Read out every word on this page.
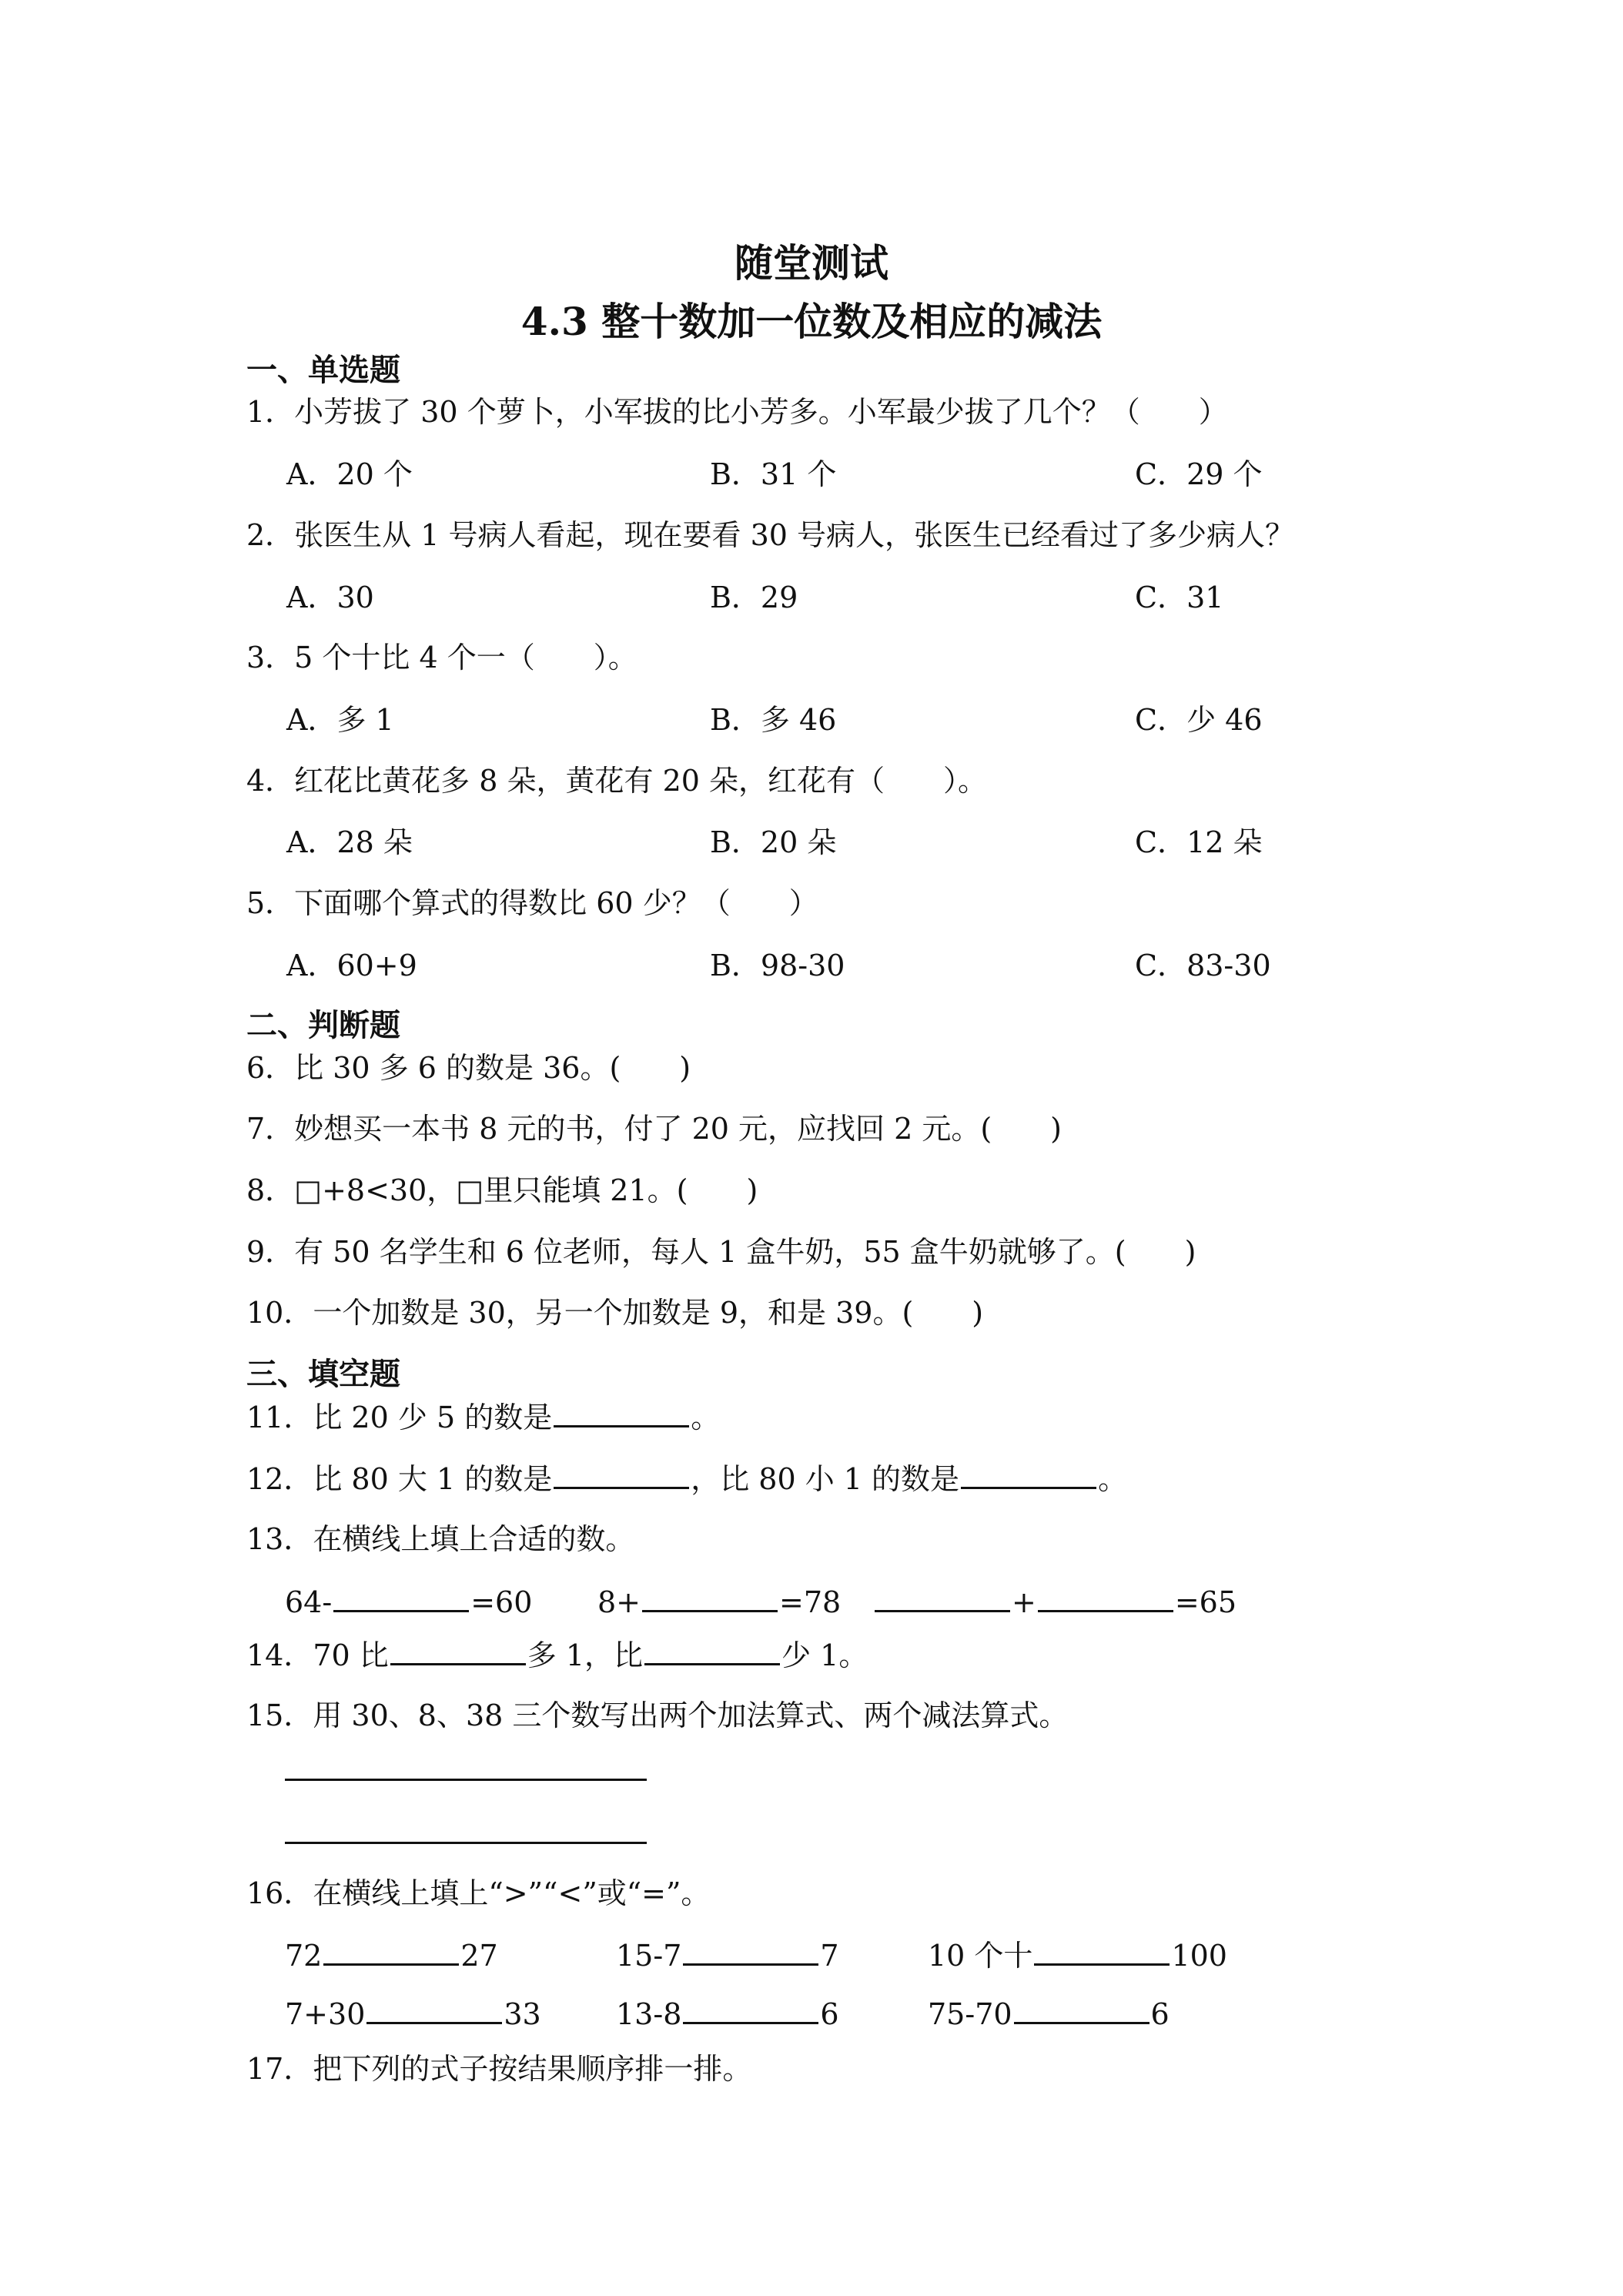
随堂测试
4.3 整十数加一位数及相应的减法
一、单选题
1．小芳拔了 30 个萝卜，小军拔的比小芳多。小军最少拔了几个？（　　）
A．20 个	B．31 个	C．29 个
2．张医生从 1 号病人看起，现在要看 30 号病人，张医生已经看过了多少病人？
A．30	B．29	C．31
3．5 个十比 4 个一（　　）。
A．多 1	B．多 46	C．少 46
4．红花比黄花多 8 朵，黄花有 20 朵，红花有（　　）。
A．28 朵	B．20 朵	C．12 朵
5．下面哪个算式的得数比 60 少？（　　）
A．60+9	B．98-30	C．83-30
二、判断题
6．比 30 多 6 的数是 36。(　　)
7．妙想买一本书 8 元的书，付了 20 元，应找回 2 元。(　　)
8．□+8<30，□里只能填 21。(　　)
9．有 50 名学生和 6 位老师，每人 1 盒牛奶，55 盒牛奶就够了。(　　)
10．一个加数是 30，另一个加数是 9，和是 39。(　　)
三、填空题
11．比 20 少 5 的数是	。
12．比 80 大 1 的数是	，比 80 小 1 的数是	。
13．在横线上填上合适的数。
64-	=60 8+	=78	+	=65
14．70 比	多 1，比	少 1。
15．用 30、8、38 三个数写出两个加法算式、两个减法算式。
16．在横线上填上“>”“<”或“=”。
72	27	15-7	7	10 个十	100
7+30	33	13-8	6	75-70	6
17．把下列的式子按结果顺序排一排。
